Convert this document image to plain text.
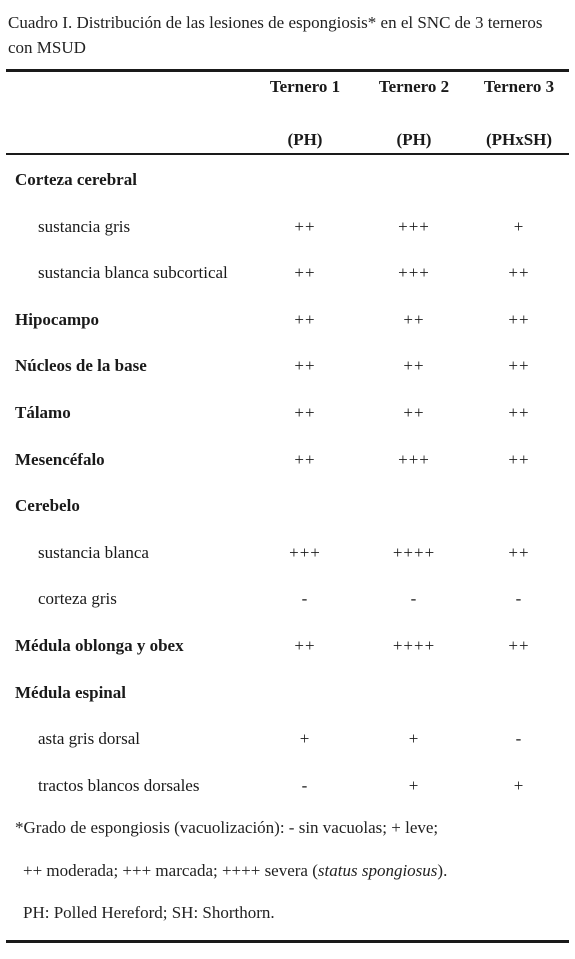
Cuadro I. Distribución de las lesiones de espongiosis* en el SNC de 3 terneros con MSUD
Ternero 1	Ternero 2	Ternero 3
(PH)	(PH)	(PHxSH)
Corteza cerebral
sustancia gris	++	+++	+
sustancia blanca subcortical	++	+++	++
Hipocampo	++	++	++
Núcleos de la base	++	++	++
Tálamo	++	++	++
Mesencéfalo	++	+++	++
Cerebelo
sustancia blanca	+++	++++	++
corteza gris	-	-	-
Médula oblonga y obex	++	++++	++
Médula espinal
asta gris dorsal	+	+	-
tractos blancos dorsales	-	+	+
*Grado de espongiosis (vacuolización): - sin vacuolas; + leve;
++ moderada; +++ marcada; ++++ severa (status spongiosus).
PH: Polled Hereford; SH: Shorthorn.
